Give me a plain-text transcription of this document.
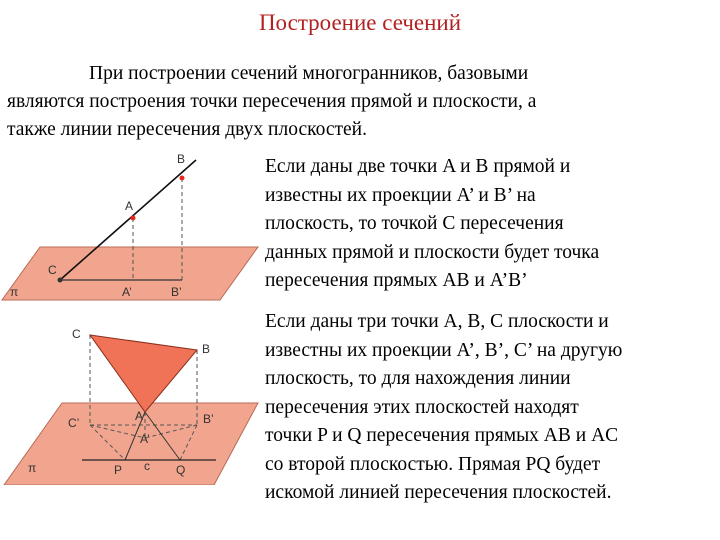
Построение сечений
При построении сечений многогранников, базовыми
являются построения точки пересечения прямой и плоскости, а
также линии пересечения двух плоскостей.
Если даны две точки A и B прямой и
известны их проекции A’ и B’ на
плоскость, то точкой C пересечения
данных прямой и плоскости будет точка
пересечения прямых AB и A’B’
Если даны три точки A, B, C плоскости и
известны их проекции A’, B’, C’ на другую
плоскость, то для нахождения линии
пересечения этих плоскостей находят
точки P и Q пересечения прямых AB и AC
со второй плоскостью. Прямая PQ будет
искомой линией пересечения плоскостей.
B
A
C
A’	B’
π
C
B
A
C’	B’
A’
P c Q
π
